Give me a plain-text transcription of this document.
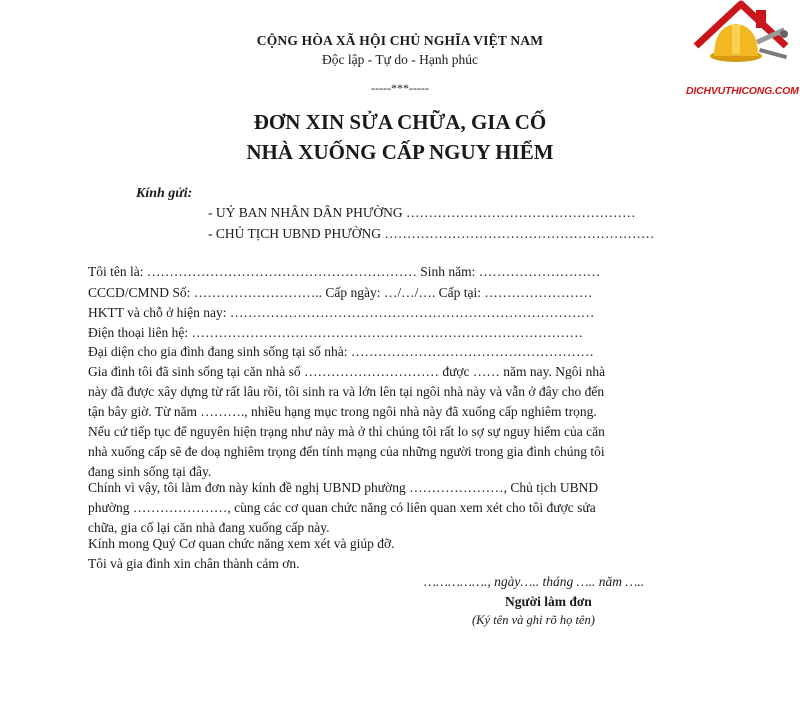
DICHVUTHICONG.COM
CỘNG HÒA XÃ HỘI CHỦ NGHĨA VIỆT NAM
Độc lập - Tự do - Hạnh phúc
-----***-----
ĐƠN XIN SỬA CHỮA, GIA CỐ
NHÀ XUỐNG CẤP NGUY HIỂM
Kính gửi:
- UỶ BAN NHÂN DÂN PHƯỜNG ……………………………………………
- CHỦ TỊCH UBND PHƯỜNG ……………………………………………………
Tôi tên là: …………………………………………………… Sinh năm: ………………………
CCCD/CMND Số: ……………………….. Cấp ngày: …/…/…. Cấp tại: ……………………
HKTT và chỗ ở hiện nay: ………………………………………………………………………
Điện thoại liên hệ: ……………………………………………………………………………
Đại diện cho gia đình đang sinh sống tại số nhà: ………………………………………………
Gia đình tôi đã sinh sống tại căn nhà số ………………………… được …… năm nay. Ngôi nhà
này đã được xây dựng từ rất lâu rồi, tôi sinh ra và lớn lên tại ngôi nhà này và vẫn ở đây cho đến
tận bây giờ. Từ năm ………., nhiều hạng mục trong ngôi nhà này đã xuống cấp nghiêm trọng.
Nếu cứ tiếp tục để nguyên hiện trạng như này mà ở thì chúng tôi rất lo sợ sự nguy hiểm của căn
nhà xuống cấp sẽ đe doạ nghiêm trọng đến tính mạng của những người trong gia đình chúng tôi
đang sinh sống tại đây.
Chính vì vậy, tôi làm đơn này kính đề nghị UBND phường …………………, Chủ tịch UBND
phường …………………, cùng các cơ quan chức năng có liên quan xem xét cho tôi được sửa
chữa, gia cố lại căn nhà đang xuống cấp này.
Kính mong Quý Cơ quan chức năng xem xét và giúp đỡ.
Tôi và gia đình xin chân thành cảm ơn.
……………., ngày….. tháng ….. năm …..
Người làm đơn
(Ký tên và ghi rõ họ tên)
